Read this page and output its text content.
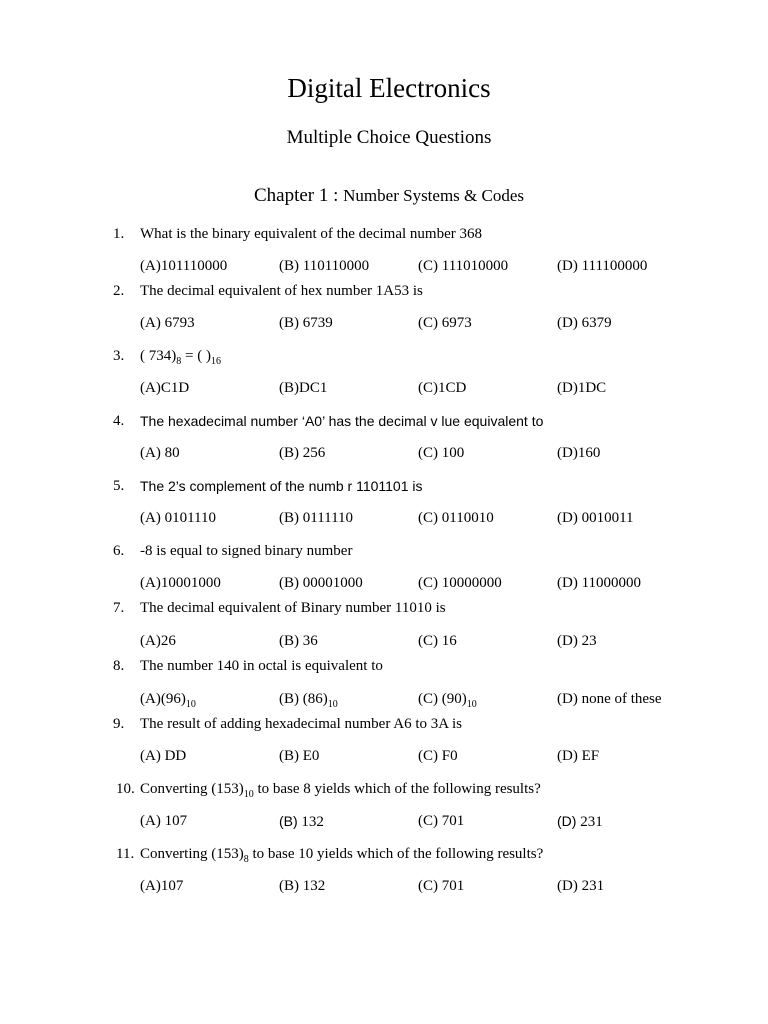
Digital Electronics
Multiple Choice Questions
Chapter 1 : Number Systems & Codes
1. What is the binary equivalent of the decimal number 368
(A)101110000	(B) 110110000	(C) 111010000	(D) 111100000
2. The decimal equivalent of hex number 1A53 is
(A) 6793	(B) 6739	(C) 6973	(D) 6379
3. ( $734)_8$ = ( )$_{16}$
(A)C1D	(B)DC1	(C)1CD	(D)1DC
4. The hexadecimal number ‘A0’ has the decimal v lue equivalent to
(A) 80	(B) 256	(C) 100	(D)160
5. The 2’s complement of the numb r 1101101 is
(A) 0101110	(B) 0111110	(C) 0110010	(D) 0010011
6. -8 is equal to signed binary number
(A)10001000	(B) 00001000	(C) 10000000	(D) 11000000
7. The decimal equivalent of Binary number 11010 is
(A)26	(B) 36	(C) 16	(D) 23
8. The number 140 in octal is equivalent to
$(A)(96)_{10}$	(B) $(86)_{10}$	(C) $(90)_{10}$	(D) none of these
9. The result of adding hexadecimal number A6 to 3A is
(A) DD	(B) E0	(C) F0	(D) EF
10. Converting $(153)_{10}$ to base 8 yields which of the following results?
(A) 107	(B) 132	(C) 701	(D) 231
11. Converting $(153)_8$ to base 10 yields which of the following results?
(A)107	(B) 132	(C) 701	(D) 231
